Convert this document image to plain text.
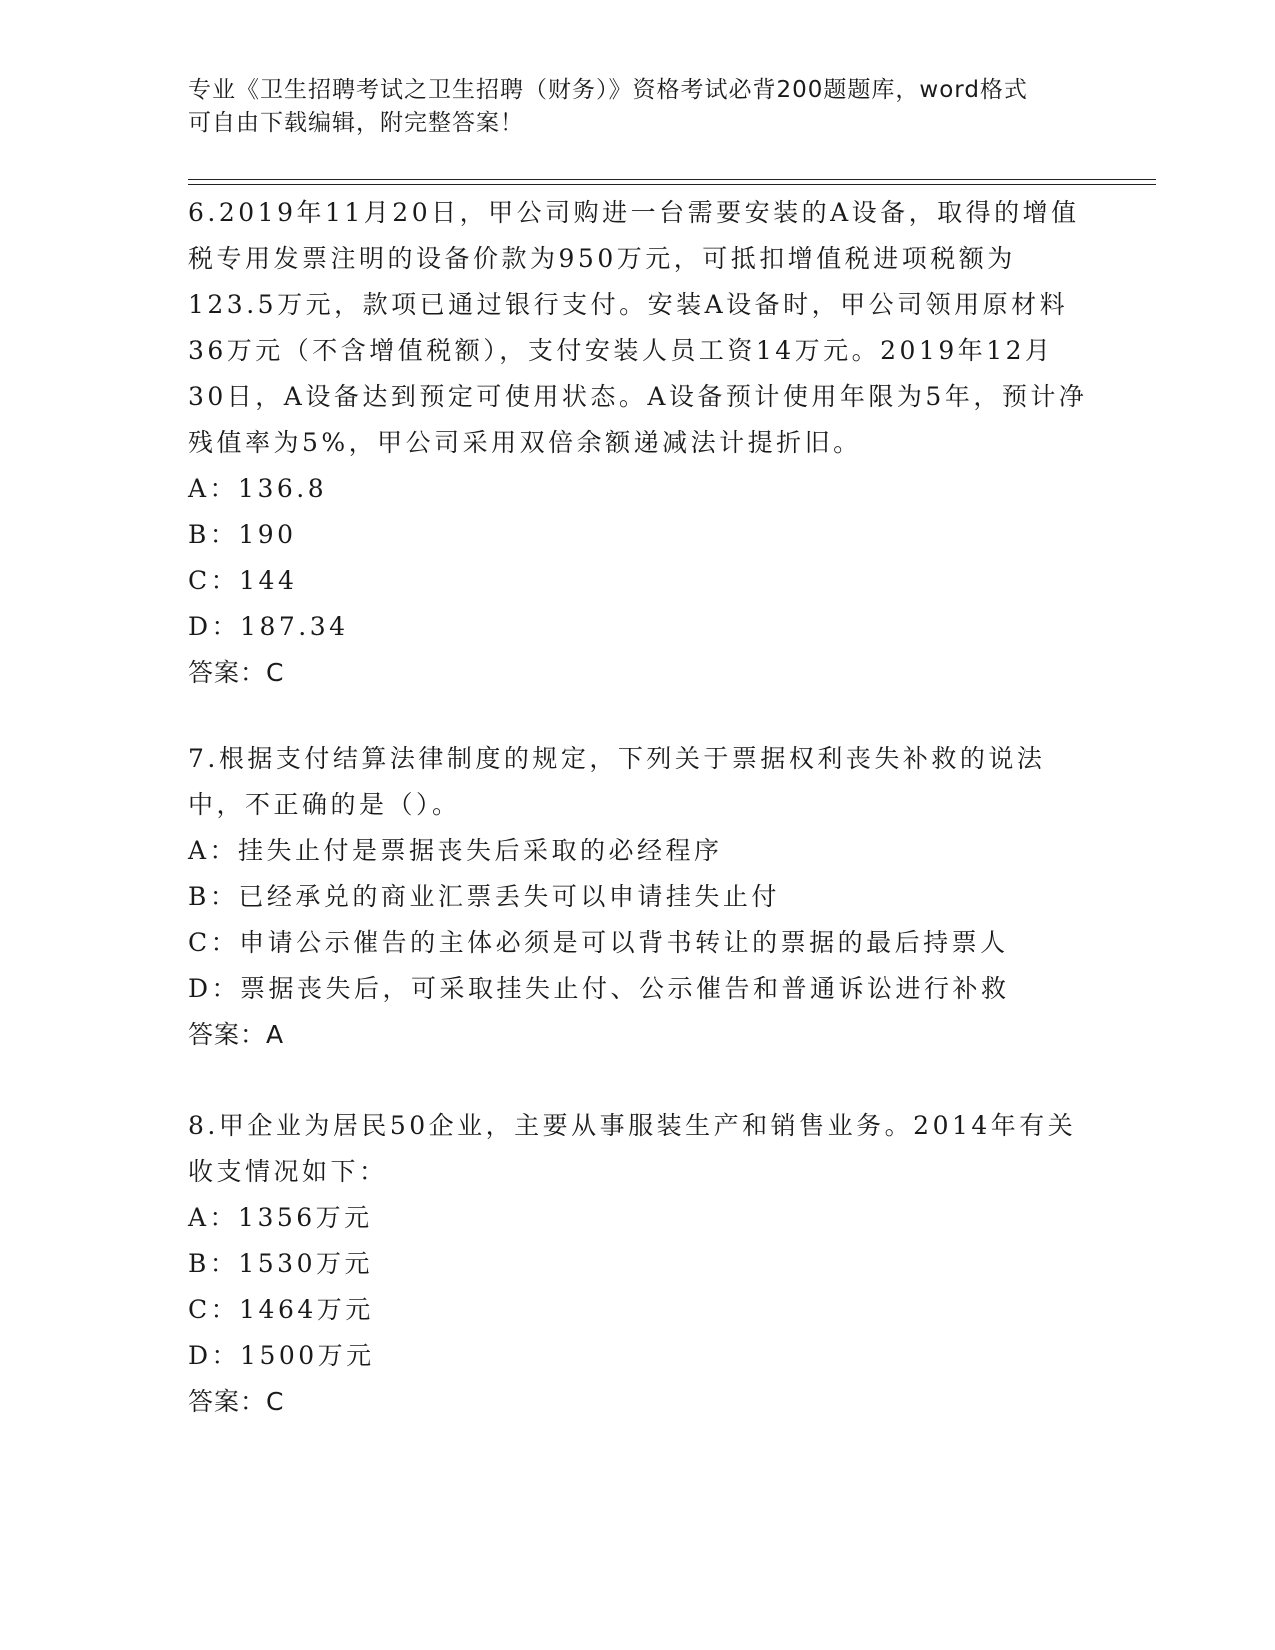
专业《卫生招聘考试之卫生招聘（财务）》资格考试必背200题题库，word格式
可自由下载编辑，附完整答案！

6.2019年11月20日，甲公司购进一台需要安装的A设备，取得的增值税专用发票注明的设备价款为950万元，可抵扣增值税进项税额为123.5万元，款项已通过银行支付。安装A设备时，甲公司领用原材料36万元（不含增值税额），支付安装人员工资14万元。2019年12月30日，A设备达到预定可使用状态。A设备预计使用年限为5年，预计净残值率为5%，甲公司采用双倍余额递减法计提折旧。

A：136.8

B：190

C：144

D：187.34

答案：C

7.根据支付结算法律制度的规定，下列关于票据权利丧失补救的说法中，不正确的是（）。

A：挂失止付是票据丧失后采取的必经程序

B：已经承兑的商业汇票丢失可以申请挂失止付

C：申请公示催告的主体必须是可以背书转让的票据的最后持票人

D：票据丧失后，可采取挂失止付、公示催告和普通诉讼进行补救

答案：A

8.甲企业为居民50企业，主要从事服装生产和销售业务。2014年有关收支情况如下：

A：1356万元

B：1530万元

C：1464万元

D：1500万元

答案：C
